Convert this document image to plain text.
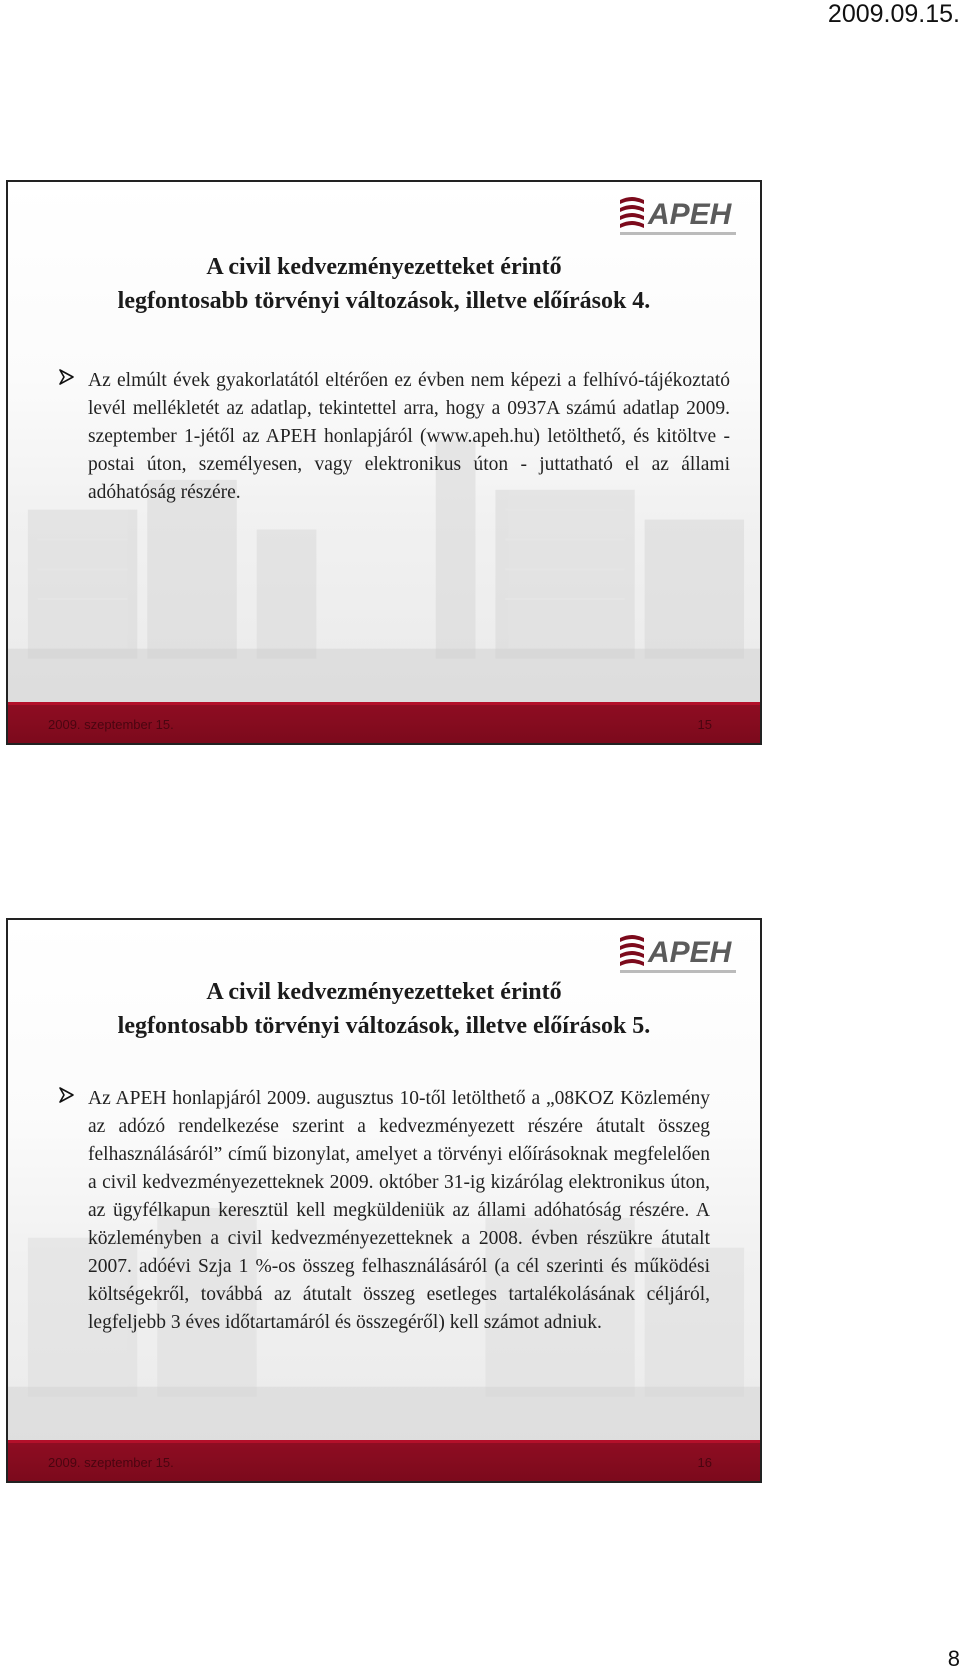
2009.09.15.
APEH
A civil kedvezményezetteket érintő
legfontosabb törvényi változások, illetve előírások 4.

Az elmúlt évek gyakorlatától eltérően ez évben nem képezi a felhívó-tájékoztató levél mellékletét az adatlap, tekintettel arra, hogy a 0937A számú adatlap 2009. szeptember 1-jétől az APEH honlapjáról (www.apeh.hu) letölthető, és kitöltve - postai úton, személyesen, vagy elektronikus úton - juttatható el az állami adóhatóság részére.

2009. szeptember 15.	15
APEH
A civil kedvezményezetteket érintő
legfontosabb törvényi változások, illetve előírások 5.

Az APEH honlapjáról 2009. augusztus 10-től letölthető a „08KOZ Közlemény az adózó rendelkezése szerint a kedvezményezett részére átutalt összeg felhasználásáról” című bizonylat, amelyet a törvényi előírásoknak megfelelően a civil kedvezményezetteknek 2009. október 31-ig kizárólag elektronikus úton, az ügyfélkapun keresztül kell megküldeniük az állami adóhatóság részére. A közleményben a civil kedvezményezetteknek a 2008. évben részükre átutalt 2007. adóévi Szja 1 %-os összeg felhasználásáról (a cél szerinti és működési költségekről, továbbá az átutalt összeg esetleges tartalékolásának céljáról, legfeljebb 3 éves időtartamáról és összegéről) kell számot adniuk.

2009. szeptember 15.	16
8
